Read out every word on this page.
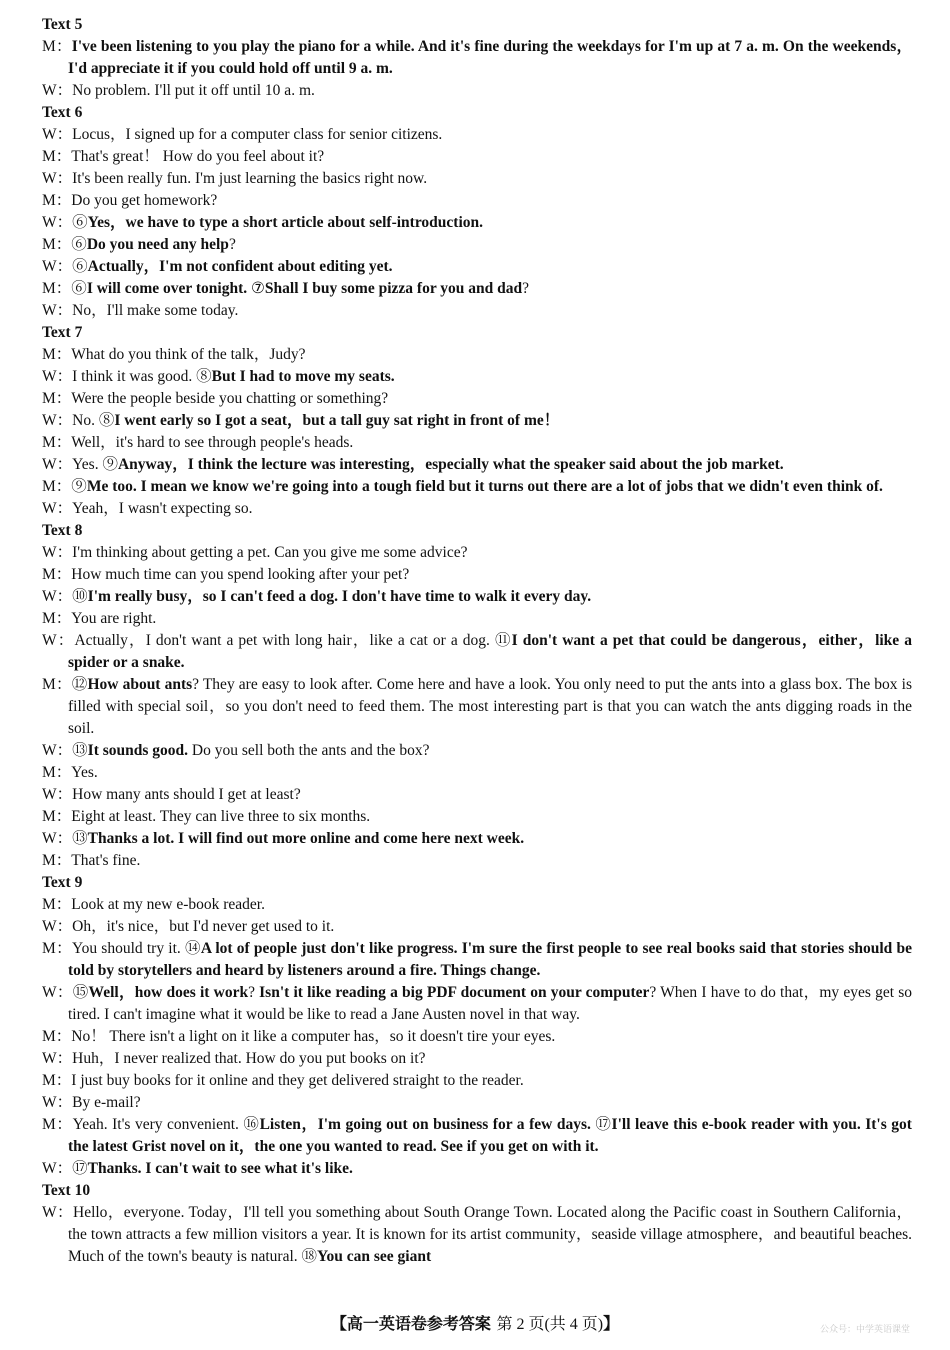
Text 5
M：I've been listening to you play the piano for a while. And it's fine during the weekdays for I'm up at 7 a. m. On the weekends，I'd appreciate it if you could hold off until 9 a. m.
W：No problem. I'll put it off until 10 a. m.
Text 6
W：Locus，I signed up for a computer class for senior citizens.
M：That's great！ How do you feel about it?
W：It's been really fun. I'm just learning the basics right now.
M：Do you get homework?
W：⑥Yes，we have to type a short article about self-introduction.
M：⑥Do you need any help?
W：⑥Actually，I'm not confident about editing yet.
M：⑥I will come over tonight. ⑦Shall I buy some pizza for you and dad?
W：No，I'll make some today.
Text 7
M：What do you think of the talk，Judy?
W：I think it was good. ⑧But I had to move my seats.
M：Were the people beside you chatting or something?
W：No. ⑧I went early so I got a seat，but a tall guy sat right in front of me！
M：Well，it's hard to see through people's heads.
W：Yes. ⑨Anyway，I think the lecture was interesting，especially what the speaker said about the job market.
M：⑨Me too. I mean we know we're going into a tough field but it turns out there are a lot of jobs that we didn't even think of.
W：Yeah，I wasn't expecting so.
Text 8
W：I'm thinking about getting a pet. Can you give me some advice?
M：How much time can you spend looking after your pet?
W：⑩I'm really busy，so I can't feed a dog. I don't have time to walk it every day.
M：You are right.
W：Actually，I don't want a pet with long hair，like a cat or a dog. ⑪I don't want a pet that could be dangerous，either，like a spider or a snake.
M：⑫How about ants? They are easy to look after. Come here and have a look. You only need to put the ants into a glass box. The box is filled with special soil，so you don't need to feed them. The most interesting part is that you can watch the ants digging roads in the soil.
W：⑬It sounds good. Do you sell both the ants and the box?
M：Yes.
W：How many ants should I get at least?
M：Eight at least. They can live three to six months.
W：⑬Thanks a lot. I will find out more online and come here next week.
M：That's fine.
Text 9
M：Look at my new e-book reader.
W：Oh，it's nice，but I'd never get used to it.
M：You should try it. ⑭A lot of people just don't like progress. I'm sure the first people to see real books said that stories should be told by storytellers and heard by listeners around a fire. Things change.
W：⑮Well，how does it work? Isn't it like reading a big PDF document on your computer? When I have to do that，my eyes get so tired. I can't imagine what it would be like to read a Jane Austen novel in that way.
M：No！ There isn't a light on it like a computer has，so it doesn't tire your eyes.
W：Huh，I never realized that. How do you put books on it?
M：I just buy books for it online and they get delivered straight to the reader.
W：By e-mail?
M：Yeah. It's very convenient. ⑯Listen，I'm going out on business for a few days. ⑰I'll leave this e-book reader with you. It's got the latest Grist novel on it，the one you wanted to read. See if you get on with it.
W：⑰Thanks. I can't wait to see what it's like.
Text 10
W：Hello，everyone. Today，I'll tell you something about South Orange Town. Located along the Pacific coast in Southern California，the town attracts a few million visitors a year. It is known for its artist community，seaside village atmosphere，and beautiful beaches. Much of the town's beauty is natural. ⑱You can see giant
【高一英语卷参考答案 第 2 页(共 4 页)】	公众号：中学英语课堂
